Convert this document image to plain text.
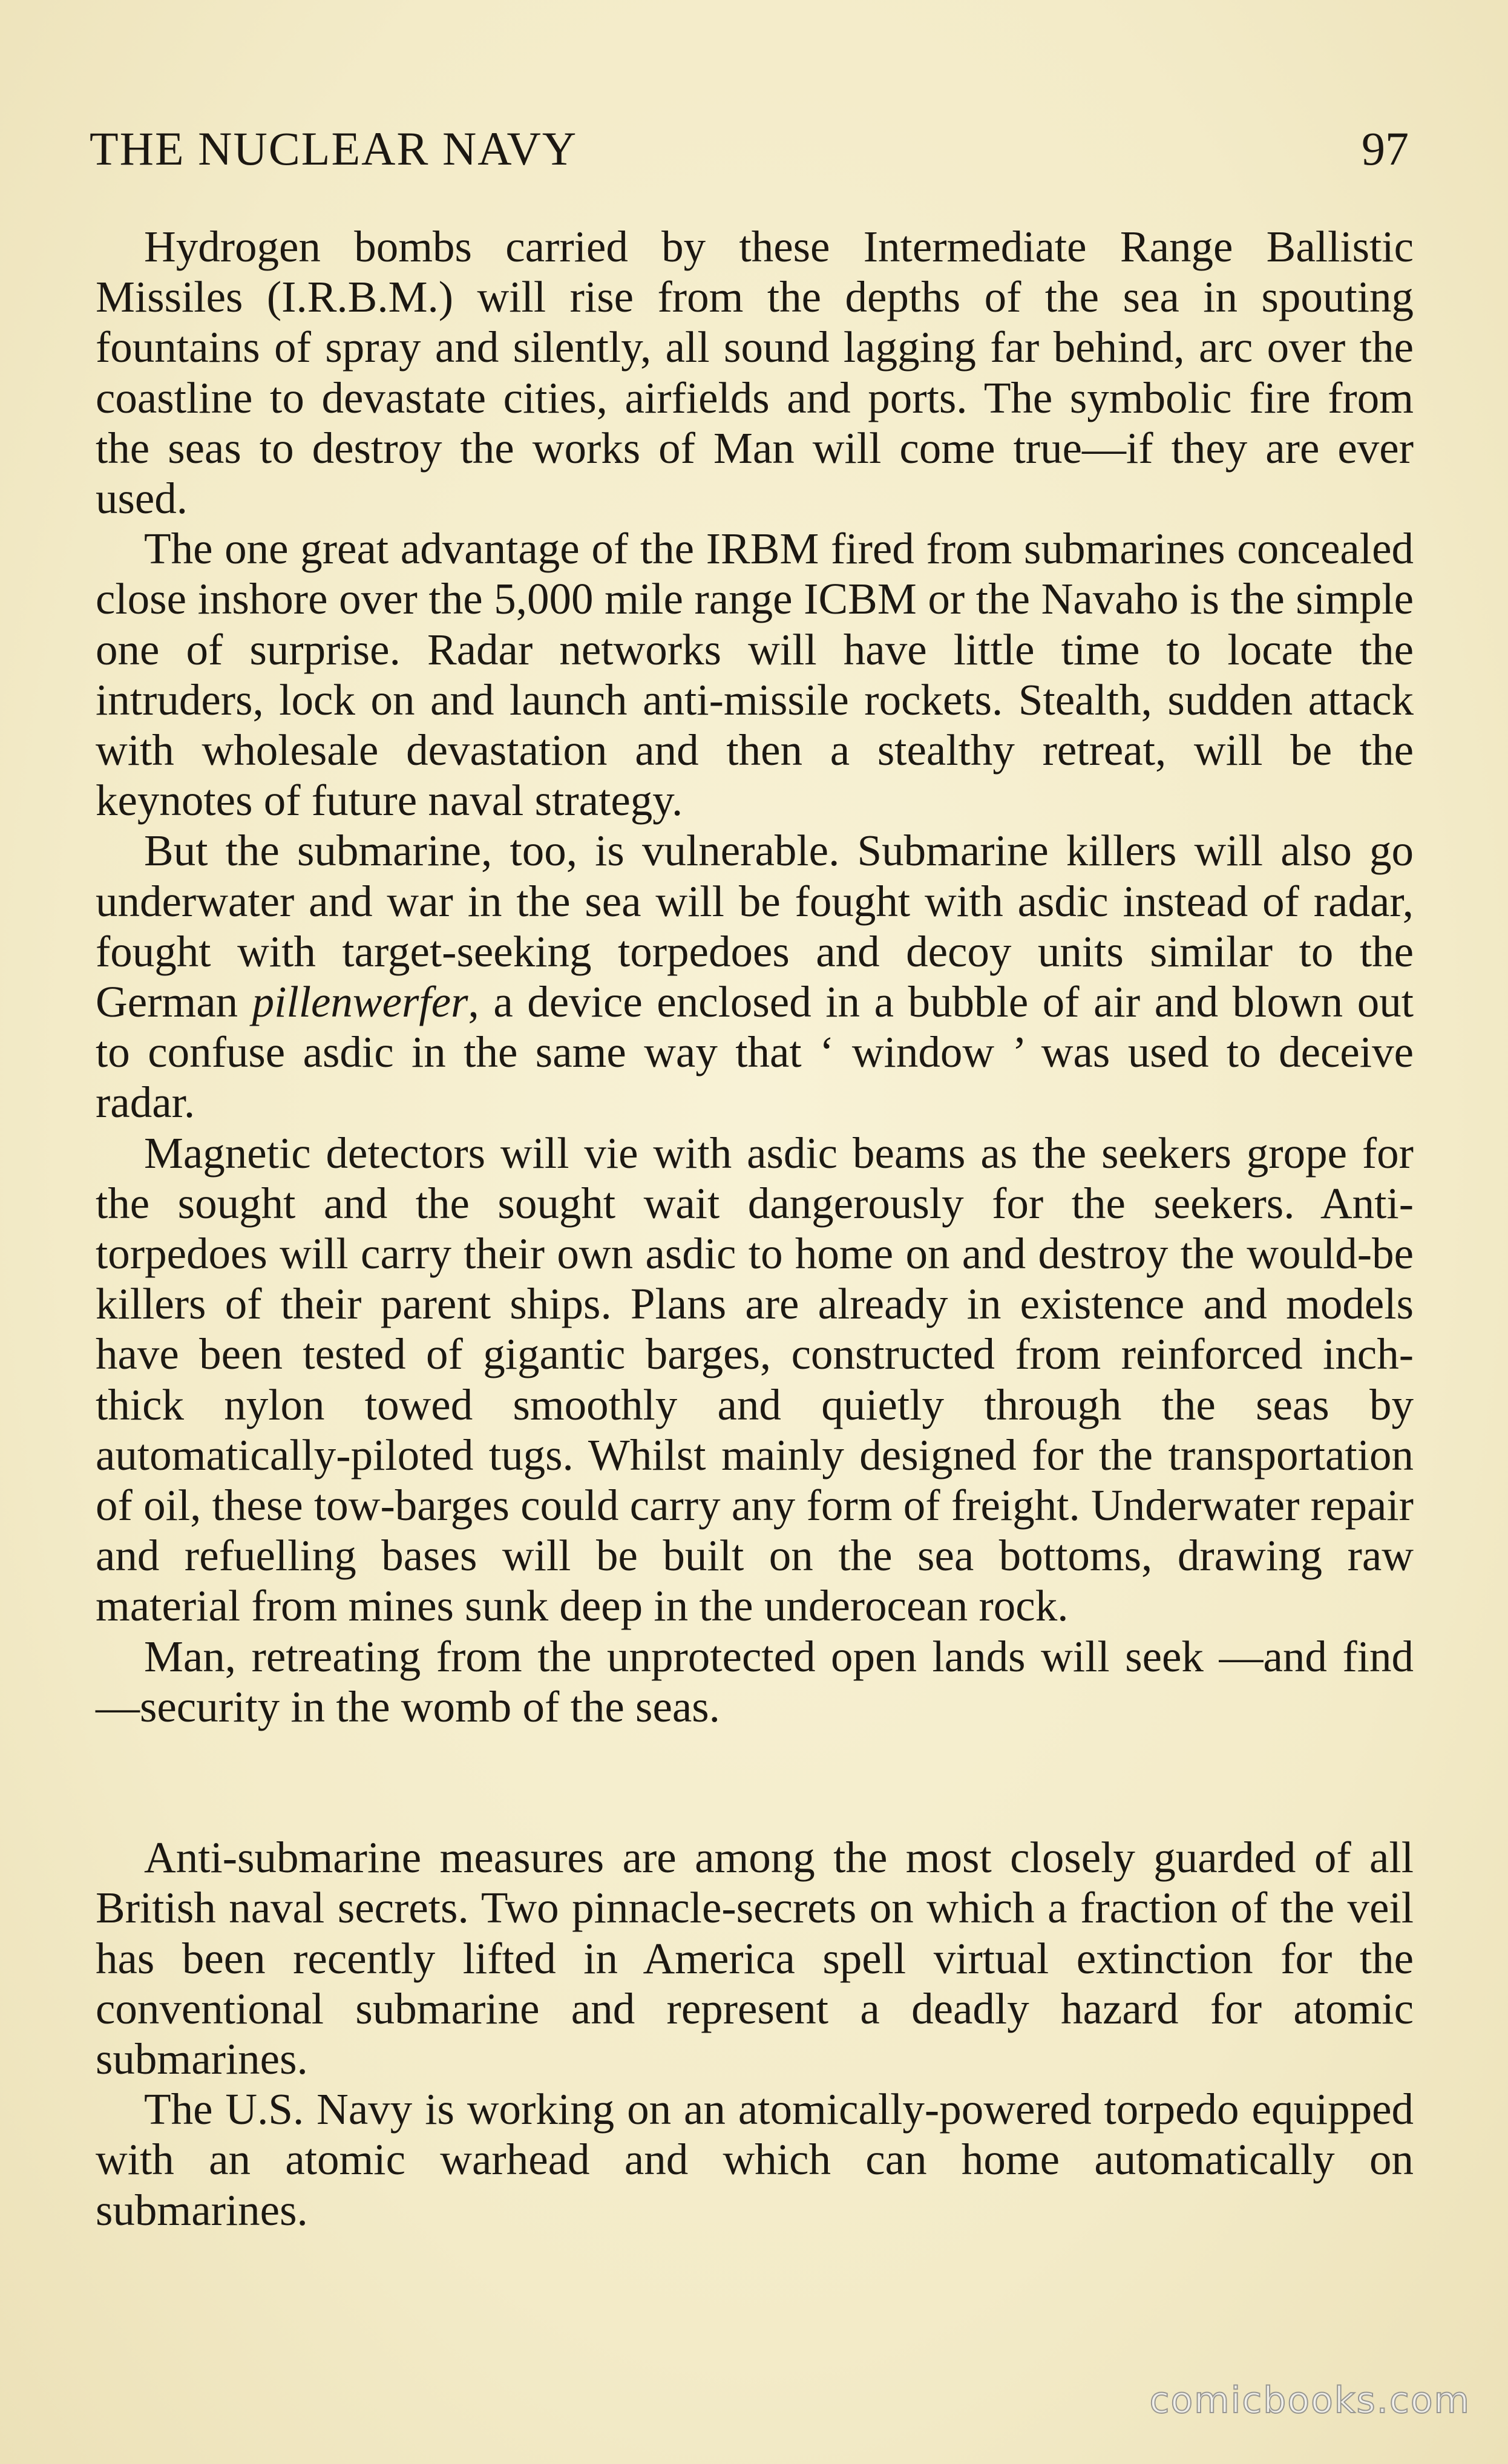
THE NUCLEAR NAVY	97

Hydrogen bombs carried by these Intermediate Range Ballistic Missiles (I.R.B.M.) will rise from the depths of the sea in spouting fountains of spray and silently, all sound lagging far behind, arc over the coastline to devastate cities, airfields and ports. The symbolic fire from the seas to destroy the works of Man will come true—if they are ever used.

The one great advantage of the IRBM fired from submarines concealed close inshore over the 5,000 mile range ICBM or the Navaho is the simple one of surprise. Radar networks will have little time to locate the intruders, lock on and launch anti-missile rockets. Stealth, sudden attack with wholesale devastation and then a stealthy retreat, will be the keynotes of future naval strategy.

But the submarine, too, is vulnerable. Submarine killers will also go underwater and war in the sea will be fought with asdic instead of radar, fought with target-seeking torpedoes and decoy units similar to the German pillenwerfer, a device enclosed in a bubble of air and blown out to confuse asdic in the same way that ‘ window ’ was used to deceive radar.

Magnetic detectors will vie with asdic beams as the seekers grope for the sought and the sought wait dangerously for the seekers. Anti-torpedoes will carry their own asdic to home on and destroy the would-be killers of their parent ships. Plans are already in existence and models have been tested of gigantic barges, constructed from reinforced inch-thick nylon towed smoothly and quietly through the seas by automatically-piloted tugs. Whilst mainly designed for the transportation of oil, these tow-barges could carry any form of freight. Underwater repair and refuelling bases will be built on the sea bottoms, drawing raw material from mines sunk deep in the underocean rock.

Man, retreating from the unprotected open lands will seek —and find—security in the womb of the seas.

Anti-submarine measures are among the most closely guarded of all British naval secrets. Two pinnacle-secrets on which a fraction of the veil has been recently lifted in America spell virtual extinction for the conventional submarine and represent a deadly hazard for atomic submarines.

The U.S. Navy is working on an atomically-powered torpedo equipped with an atomic warhead and which can home automatically on submarines.

comicbooks.com
